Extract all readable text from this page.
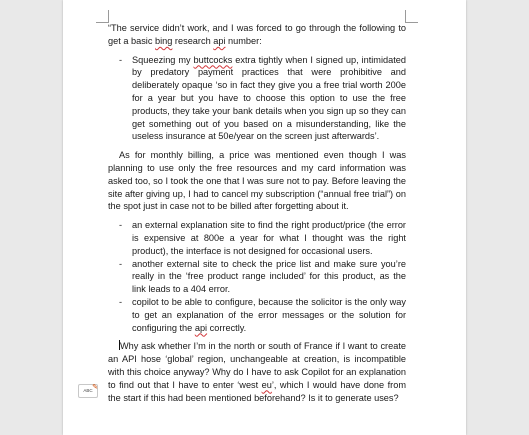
“The service didn’t work, and I was forced to go through the following to get a basic bing research api number:

- Squeezing my buttcocks extra tightly when I signed up, intimidated by predatory payment practices that were prohibitive and deliberately opaque ‘so in fact they give you a free trial worth 200e for a year but you have to choose this option to use the free products, they take your bank details when you sign up so they can get something out of you based on a misunderstanding, like the useless insurance at 50e/year on the screen just afterwards’.

As for monthly billing, a price was mentioned even though I was planning to use only the free resources and my card information was asked too, so I took the one that I was sure not to pay. Before leaving the site after giving up, I had to cancel my subscription (“annual free trial”) on the spot just in case not to be billed after forgetting about it.

- an external explanation site to find the right product/price (the error is expensive at 800e a year for what I thought was the right product), the interface is not designed for occasional users.
- another external site to check the price list and make sure you’re really in the ‘free product range included’ for this product, as the link leads to a 404 error.
- copilot to be able to configure, because the solicitor is the only way to get an explanation of the error messages or the solution for configuring the api correctly.

Why ask whether I’m in the north or south of France if I want to create an API hose ‘global’ region, unchangeable at creation, is incompatible with this choice anyway? Why do I have to ask Copilot for an explanation to find out that I have to enter ‘west eu’, which I would have done from the start if this had been mentioned beforehand? Is it to generate uses?

ABC ✎
